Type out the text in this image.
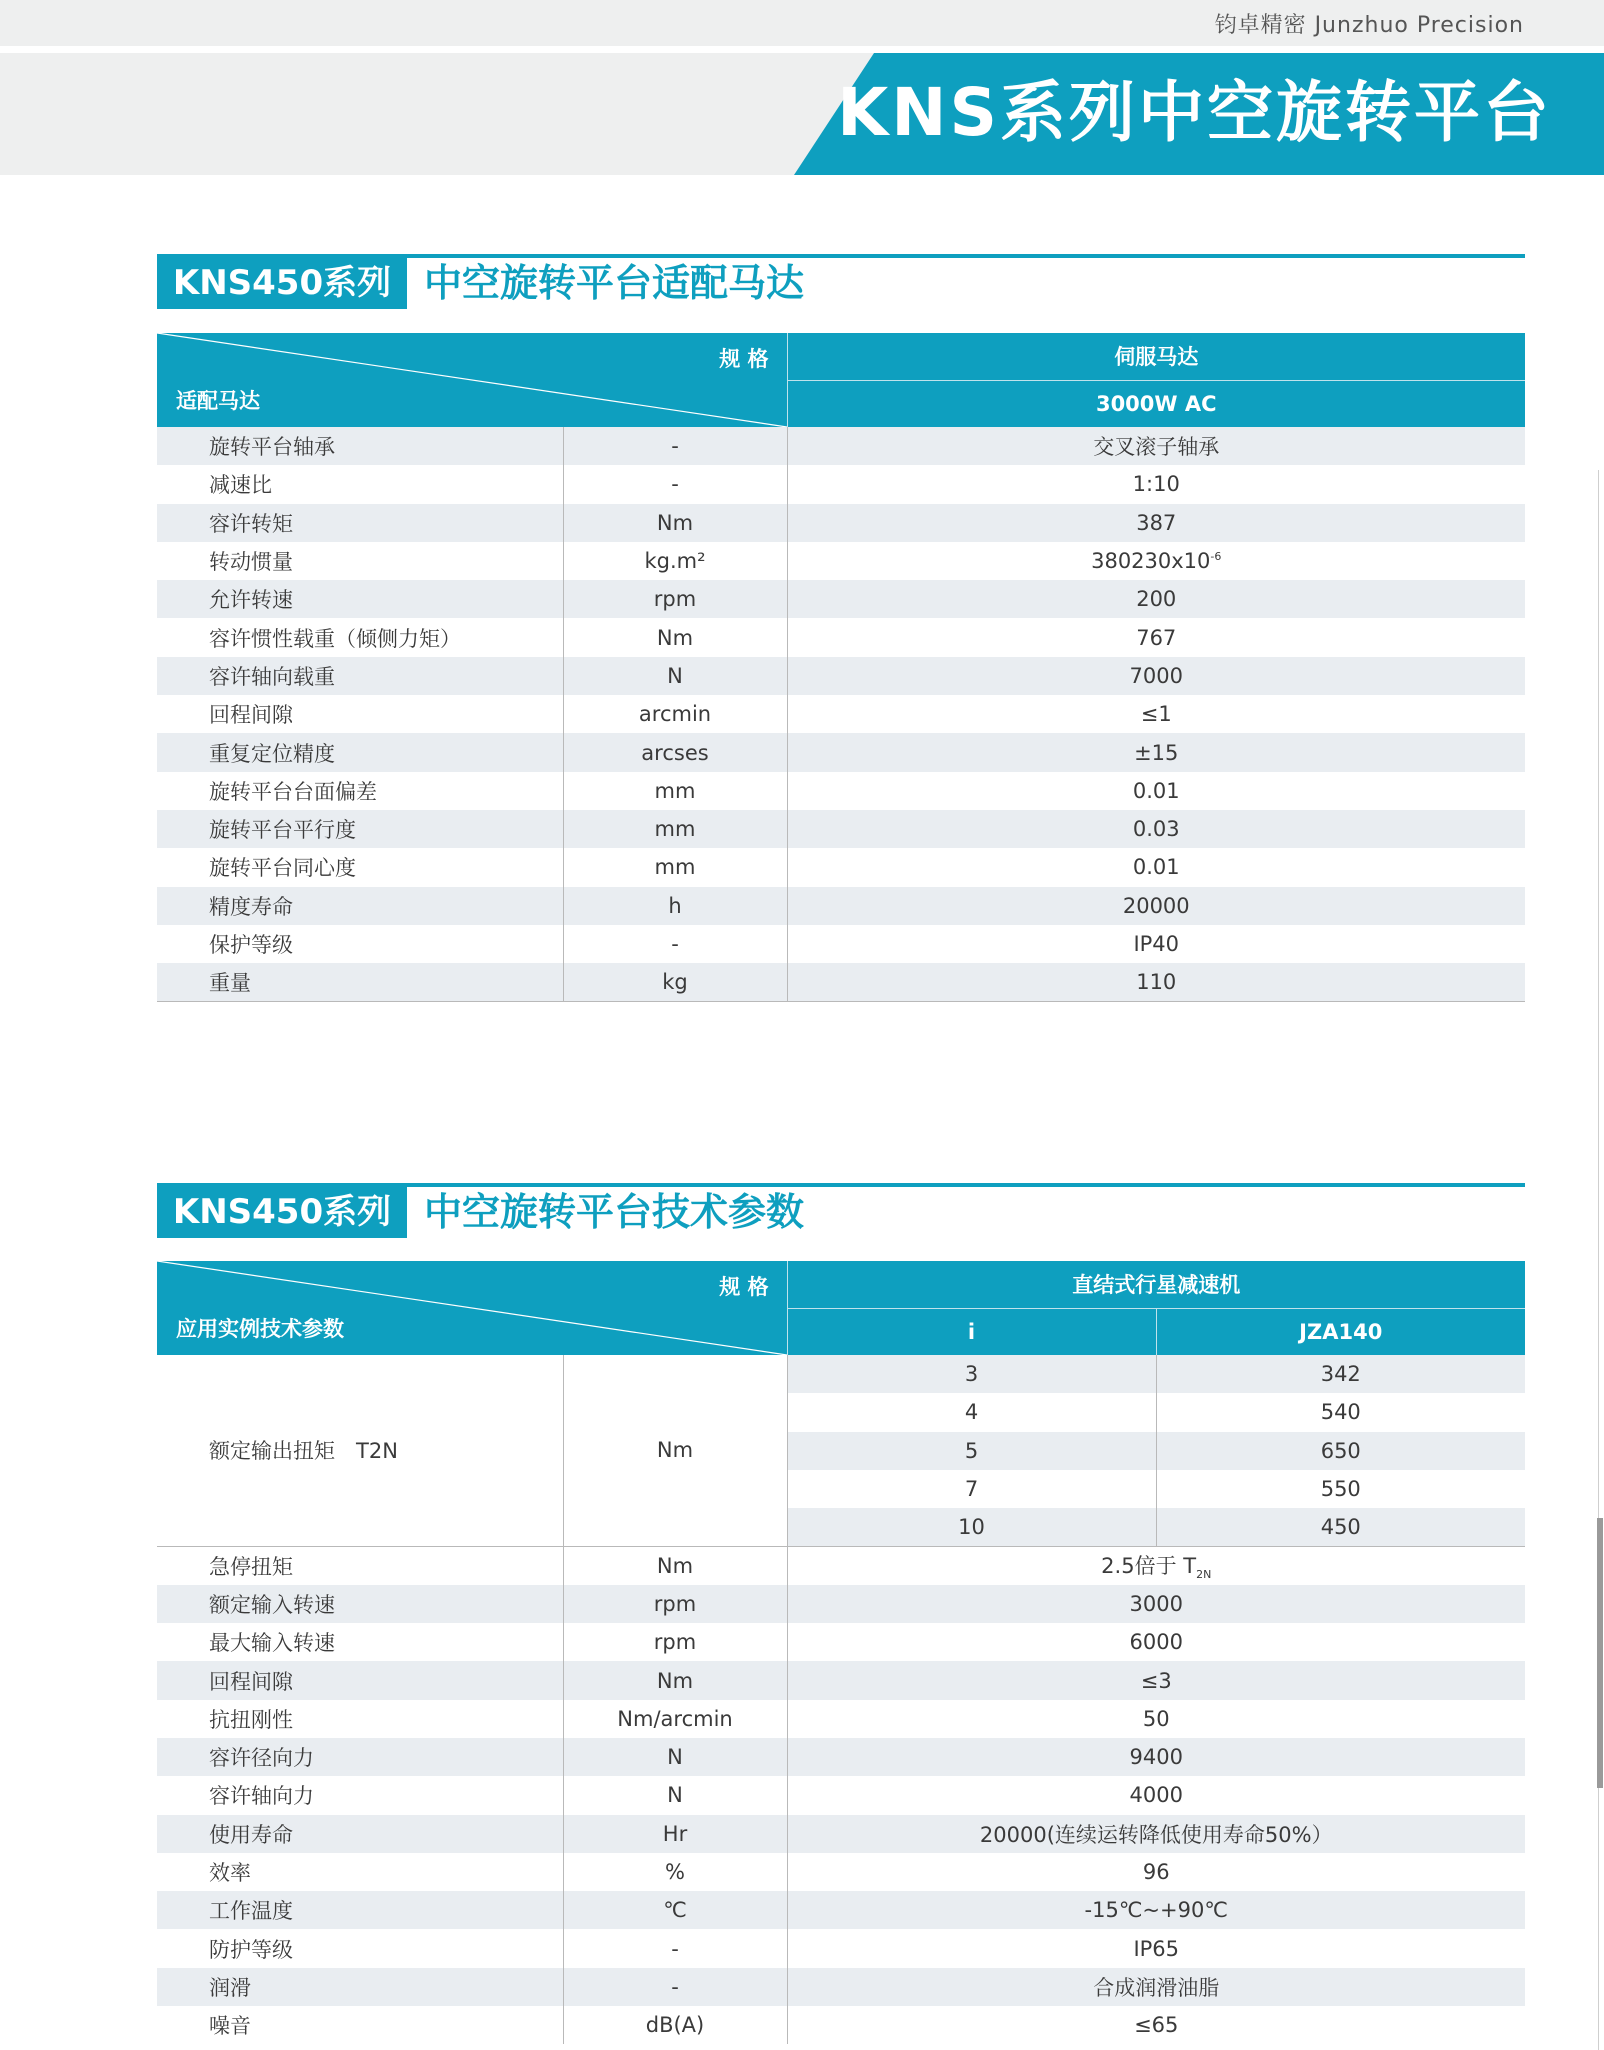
钧卓精密 Junzhuo Precision
KNS系列中空旋转平台
KNS450系列 中空旋转平台适配马达
规 格
适配马达		伺服马达
		3000W AC
旋转平台轴承	-	交叉滚子轴承
减速比	-	1:10
容许转矩	Nm	387
转动惯量	kg.m²	$380230x10^{-6}$
允许转速	rpm	200
容许惯性载重（倾侧力矩）	Nm	767
容许轴向载重	N	7000
回程间隙	arcmin	≤1
重复定位精度	arcses	±15
旋转平台台面偏差	mm	0.01
旋转平台平行度	mm	0.03
旋转平台同心度	mm	0.01
精度寿命	h	20000
保护等级	-	IP40
重量	kg	110
KNS450系列 中空旋转平台技术参数
规 格
应用实例技术参数		直结式行星减速机	
		i	JZA140
额定输出扭矩　T2N	Nm	3	342
		4	540
		5	650
		7	550
		10	450
急停扭矩	Nm	2.5倍于 $T_{2N}$
额定输入转速	rpm	3000	
最大输入转速	rpm	6000	
回程间隙	Nm	≤3	
抗扭刚性	Nm/arcmin	50	
容许径向力	N	9400	
容许轴向力	N	4000	
使用寿命	Hr	20000(连续运转降低使用寿命50%）	
效率	%	96	
工作温度	℃	-15℃~+90℃	
防护等级	-	IP65	
润滑	-	合成润滑油脂	
噪音	dB(A)	≤65	
